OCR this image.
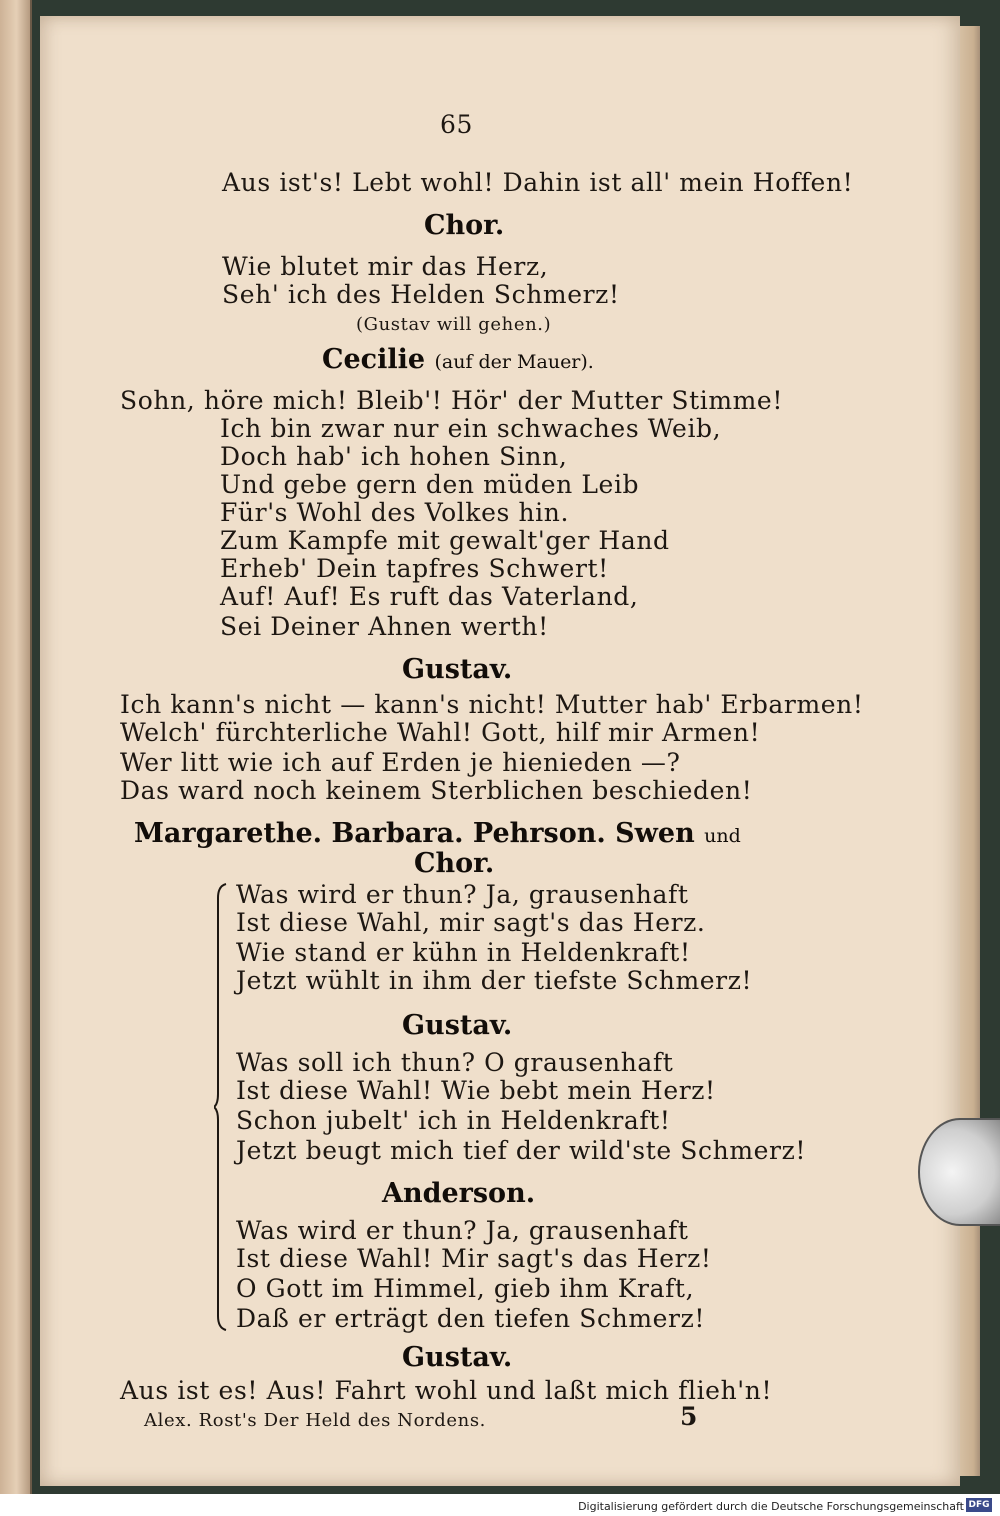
65
Aus ist's! Lebt wohl! Dahin ist all' mein Hoffen!
Chor.
Wie blutet mir das Herz,
Seh' ich des Helden Schmerz!
(Gustav will gehen.)
Cecilie (auf der Mauer).
Sohn, höre mich! Bleib'! Hör' der Mutter Stimme!
Ich bin zwar nur ein schwaches Weib,
Doch hab' ich hohen Sinn,
Und gebe gern den müden Leib
Für's Wohl des Volkes hin.
Zum Kampfe mit gewalt'ger Hand
Erheb' Dein tapfres Schwert!
Auf! Auf! Es ruft das Vaterland,
Sei Deiner Ahnen werth!
Gustav.
Ich kann's nicht — kann's nicht! Mutter hab' Erbarmen!
Welch' fürchterliche Wahl! Gott, hilf mir Armen!
Wer litt wie ich auf Erden je hienieden —?
Das ward noch keinem Sterblichen beschieden!
Margarethe. Barbara. Pehrson. Swen und
Chor.
Was wird er thun? Ja, grausenhaft
Ist diese Wahl, mir sagt's das Herz.
Wie stand er kühn in Heldenkraft!
Jetzt wühlt in ihm der tiefste Schmerz!
Gustav.
Was soll ich thun? O grausenhaft
Ist diese Wahl! Wie bebt mein Herz!
Schon jubelt' ich in Heldenkraft!
Jetzt beugt mich tief der wild'ste Schmerz!
Anderson.
Was wird er thun? Ja, grausenhaft
Ist diese Wahl! Mir sagt's das Herz!
O Gott im Himmel, gieb ihm Kraft,
Daß er erträgt den tiefen Schmerz!
Gustav.
Aus ist es! Aus! Fahrt wohl und laßt mich flieh'n!
Alex. Rost's Der Held des Nordens.	5
Digitalisierung gefördert durch die Deutsche Forschungsgemeinschaft DFG
